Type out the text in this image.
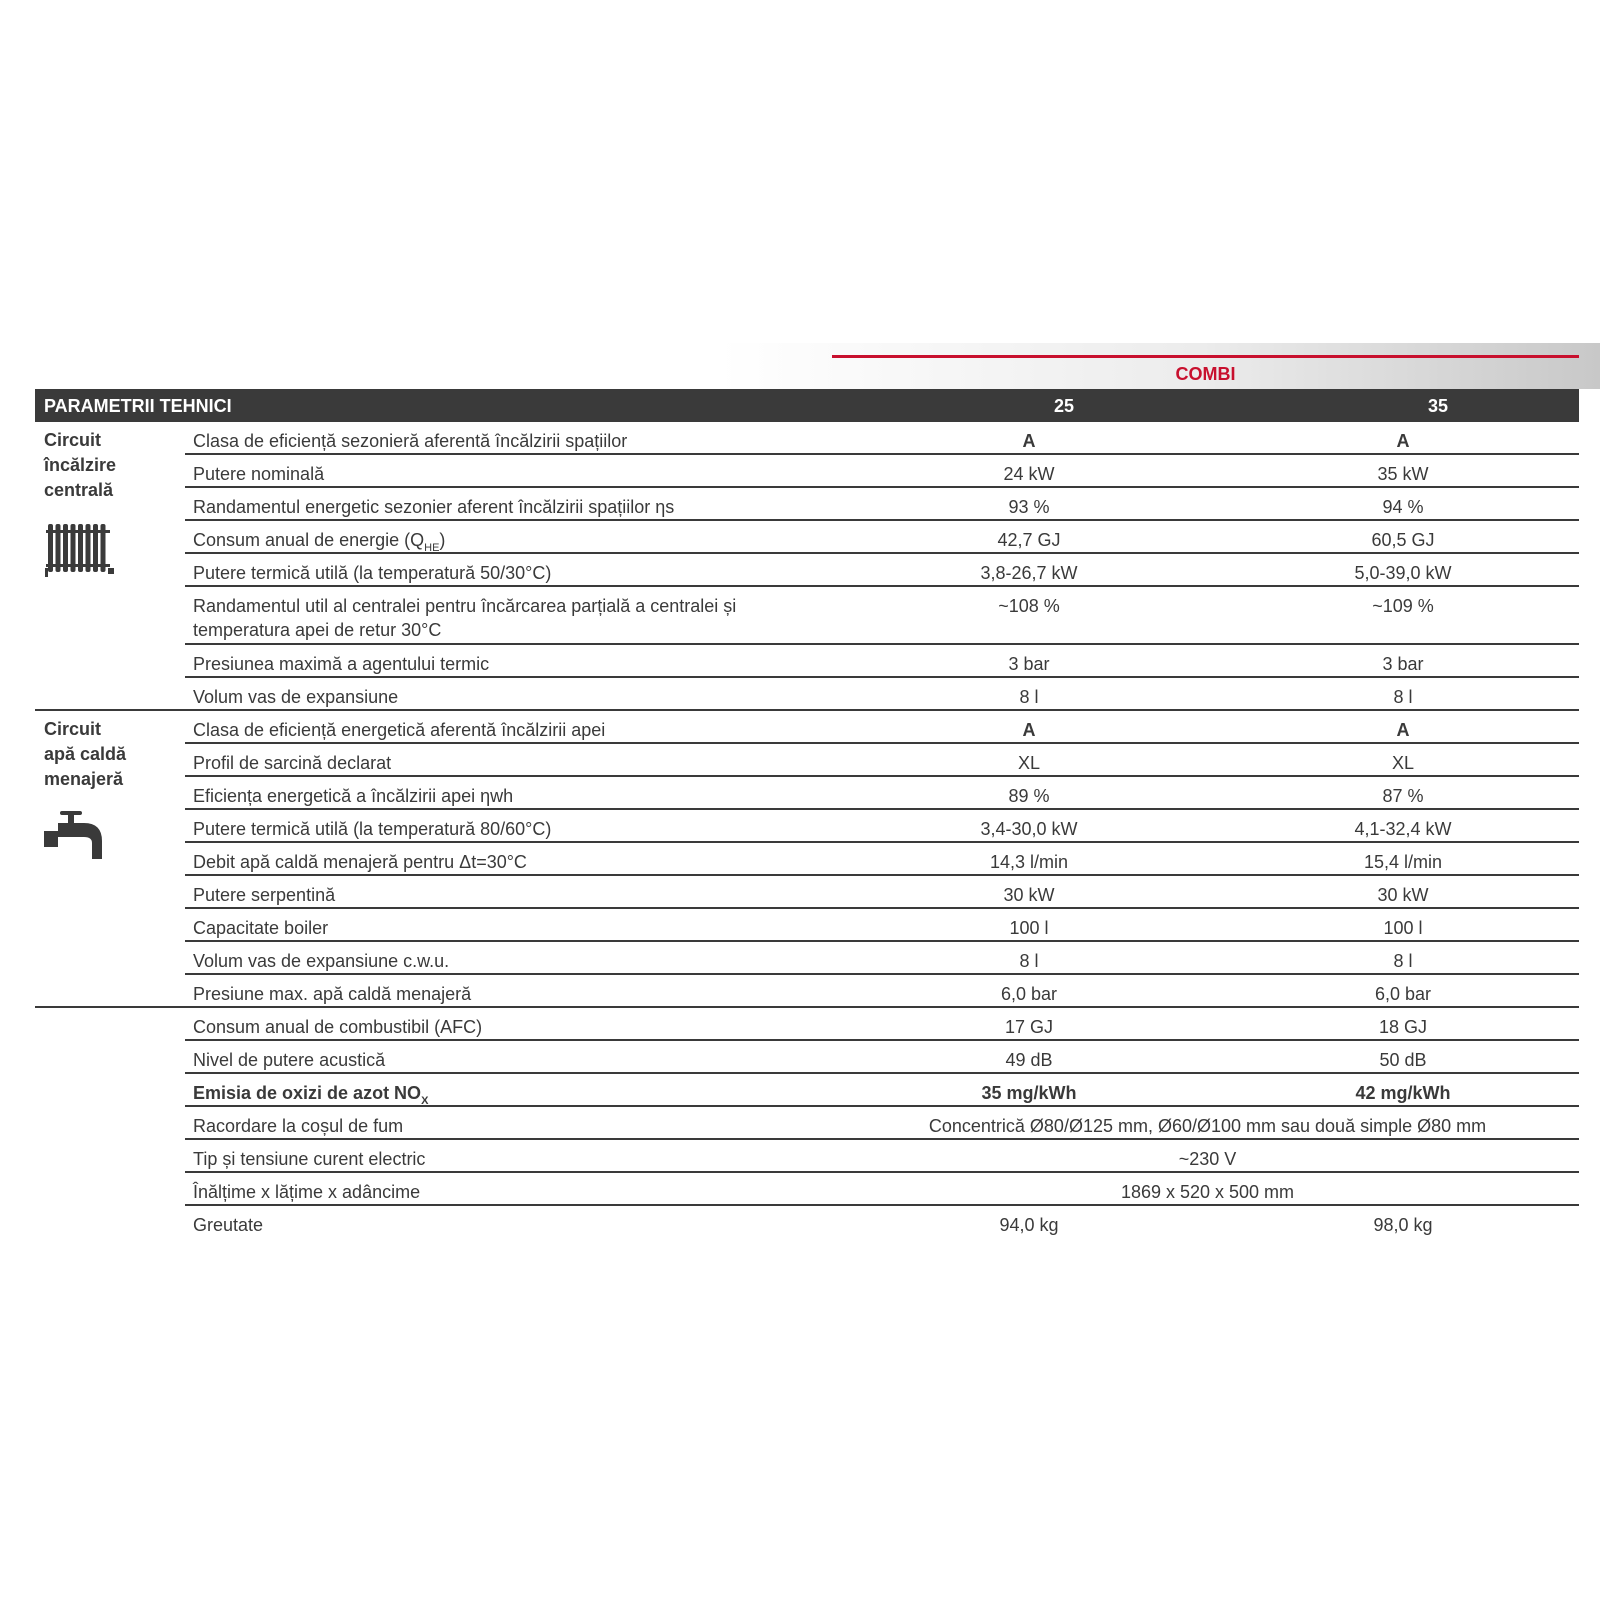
COMBI
PARAMETRII TEHNICI	25	35
Circuit
încălzire
centrală
Clasa de eficiență sezonieră aferentă încălzirii spațiilor	A	A
Putere nominală	24 kW	35 kW
Randamentul energetic sezonier aferent încălzirii spațiilor ηs	93 %	94 %
Consum anual de energie $(Q_{HE})$	42,7 GJ	60,5 GJ
Putere termică utilă (la temperatură 50/30°C)	3,8-26,7 kW	5,0-39,0 kW
Randamentul util al centralei pentru încărcarea parțială a centralei și
temperatura apei de retur 30°C
~108 %	~109 %
Presiunea maximă a agentului termic	3 bar	3 bar
Volum vas de expansiune	8 l	8 l
Circuit
apă caldă
menajeră
Clasa de eficiență energetică aferentă încălzirii apei	A	A
Profil de sarcină declarat	XL	XL
Eficiența energetică a încălzirii apei ηwh	89 %	87 %
Putere termică utilă (la temperatură 80/60°C)	3,4-30,0 kW	4,1-32,4 kW
Debit apă caldă menajeră pentru Δt=30°C	14,3 l/min	15,4 l/min
Putere serpentină	30 kW	30 kW
Capacitate boiler	100 l	100 l
Volum vas de expansiune c.w.u.	8 l	8 l
Presiune max. apă caldă menajeră	6,0 bar	6,0 bar
Consum anual de combustibil (AFC)	17 GJ	18 GJ
Nivel de putere acustică	49 dB	50 dB
Emisia de oxizi de azot $NO_X$	35 mg/kWh	42 mg/kWh
Racordare la coșul de fum	Concentrică Ø80/Ø125 mm, Ø60/Ø100 mm sau două simple Ø80 mm
Tip și tensiune curent electric	~230 V
Înălțime x lățime x adâncime	1869 x 520 x 500 mm
Greutate	94,0 kg	98,0 kg
